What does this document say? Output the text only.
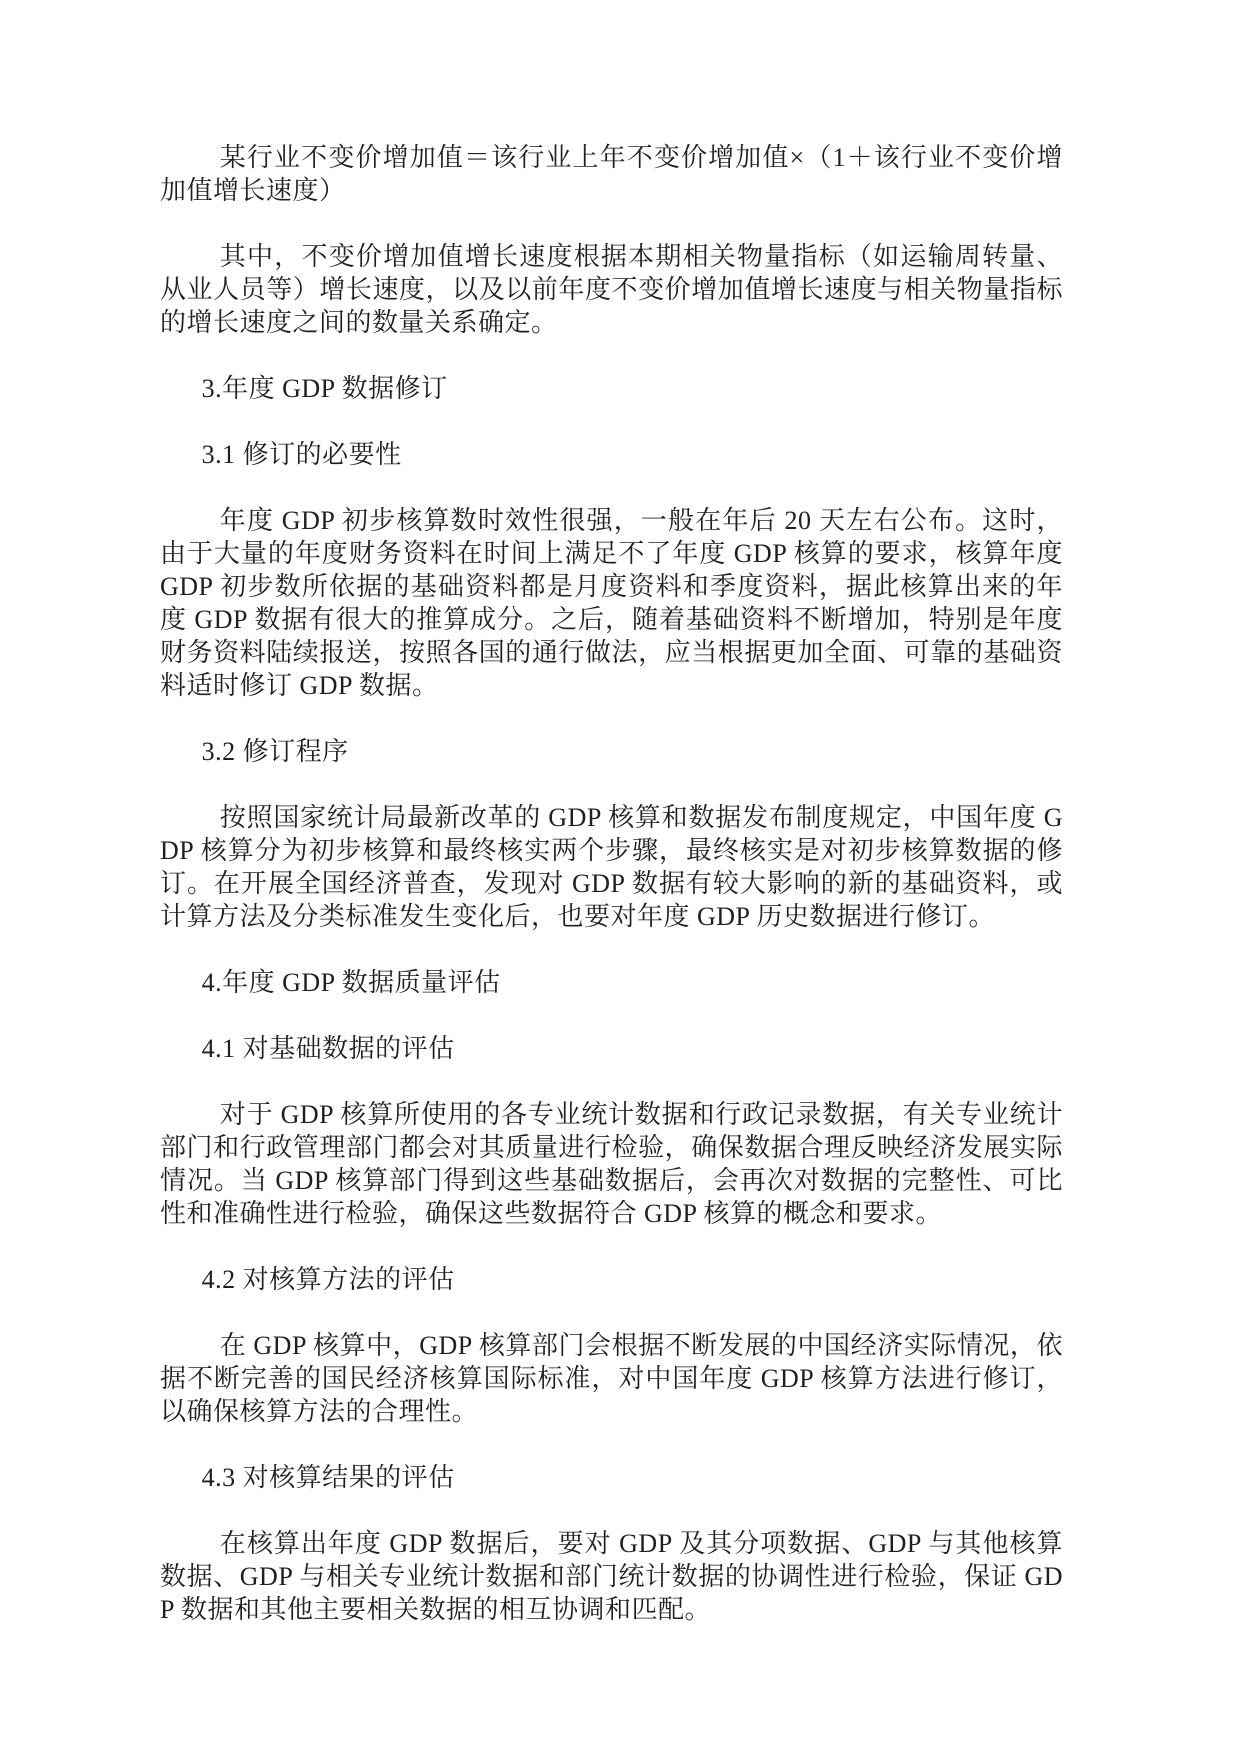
某行业不变价增加值＝该行业上年不变价增加值×（1＋该行业不变价增加值增长速度）

其中，不变价增加值增长速度根据本期相关物量指标（如运输周转量、从业人员等）增长速度，以及以前年度不变价增加值增长速度与相关物量指标的增长速度之间的数量关系确定。

3.年度 GDP 数据修订

3.1 修订的必要性

年度 GDP 初步核算数时效性很强，一般在年后 20 天左右公布。这时，由于大量的年度财务资料在时间上满足不了年度 GDP 核算的要求，核算年度 GDP 初步数所依据的基础资料都是月度资料和季度资料，据此核算出来的年度 GDP 数据有很大的推算成分。之后，随着基础资料不断增加，特别是年度财务资料陆续报送，按照各国的通行做法，应当根据更加全面、可靠的基础资料适时修订 GDP 数据。

3.2 修订程序

按照国家统计局最新改革的 GDP 核算和数据发布制度规定，中国年度 GDP 核算分为初步核算和最终核实两个步骤，最终核实是对初步核算数据的修订。在开展全国经济普查，发现对 GDP 数据有较大影响的新的基础资料，或计算方法及分类标准发生变化后，也要对年度 GDP 历史数据进行修订。

4.年度 GDP 数据质量评估

4.1 对基础数据的评估

对于 GDP 核算所使用的各专业统计数据和行政记录数据，有关专业统计部门和行政管理部门都会对其质量进行检验，确保数据合理反映经济发展实际情况。当 GDP 核算部门得到这些基础数据后，会再次对数据的完整性、可比性和准确性进行检验，确保这些数据符合 GDP 核算的概念和要求。

4.2 对核算方法的评估

在 GDP 核算中，GDP 核算部门会根据不断发展的中国经济实际情况，依据不断完善的国民经济核算国际标准，对中国年度 GDP 核算方法进行修订，以确保核算方法的合理性。

4.3 对核算结果的评估

在核算出年度 GDP 数据后，要对 GDP 及其分项数据、GDP 与其他核算数据、GDP 与相关专业统计数据和部门统计数据的协调性进行检验，保证 GDP 数据和其他主要相关数据的相互协调和匹配。
